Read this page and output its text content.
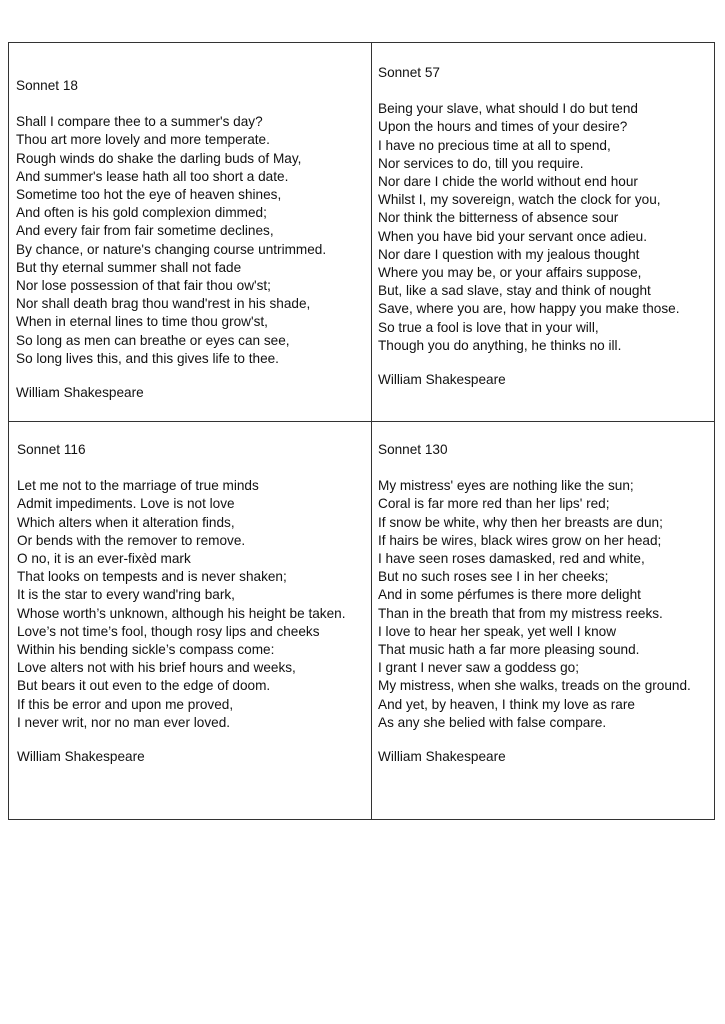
Sonnet 18
Shall I compare thee to a summer's day?
Thou art more lovely and more temperate.
Rough winds do shake the darling buds of May,
And summer's lease hath all too short a date.
Sometime too hot the eye of heaven shines,
And often is his gold complexion dimmed;
And every fair from fair sometime declines,
By chance, or nature's changing course untrimmed.
But thy eternal summer shall not fade
Nor lose possession of that fair thou ow'st;
Nor shall death brag thou wand'rest in his shade,
When in eternal lines to time thou grow'st,
So long as men can breathe or eyes can see,
So long lives this, and this gives life to thee.
William Shakespeare
Sonnet 57
Being your slave, what should I do but tend
Upon the hours and times of your desire?
I have no precious time at all to spend,
Nor services to do, till you require.
Nor dare I chide the world without end hour
Whilst I, my sovereign, watch the clock for you,
Nor think the bitterness of absence sour
When you have bid your servant once adieu.
Nor dare I question with my jealous thought
Where you may be, or your affairs suppose,
But, like a sad slave, stay and think of nought
Save, where you are, how happy you make those.
So true a fool is love that in your will,
Though you do anything, he thinks no ill.
William Shakespeare
Sonnet 116
Let me not to the marriage of true minds
Admit impediments. Love is not love
Which alters when it alteration finds,
Or bends with the remover to remove.
O no, it is an ever-fixèd mark
That looks on tempests and is never shaken;
It is the star to every wand'ring bark,
Whose worth’s unknown, although his height be taken.
Love’s not time’s fool, though rosy lips and cheeks
Within his bending sickle’s compass come:
Love alters not with his brief hours and weeks,
But bears it out even to the edge of doom.
If this be error and upon me proved,
I never writ, nor no man ever loved.
William Shakespeare
Sonnet 130
My mistress' eyes are nothing like the sun;
Coral is far more red than her lips' red;
If snow be white, why then her breasts are dun;
If hairs be wires, black wires grow on her head;
I have seen roses damasked, red and white,
But no such roses see I in her cheeks;
And in some pérfumes is there more delight
Than in the breath that from my mistress reeks.
I love to hear her speak, yet well I know
That music hath a far more pleasing sound.
I grant I never saw a goddess go;
My mistress, when she walks, treads on the ground.
And yet, by heaven, I think my love as rare
As any she belied with false compare.
William Shakespeare
